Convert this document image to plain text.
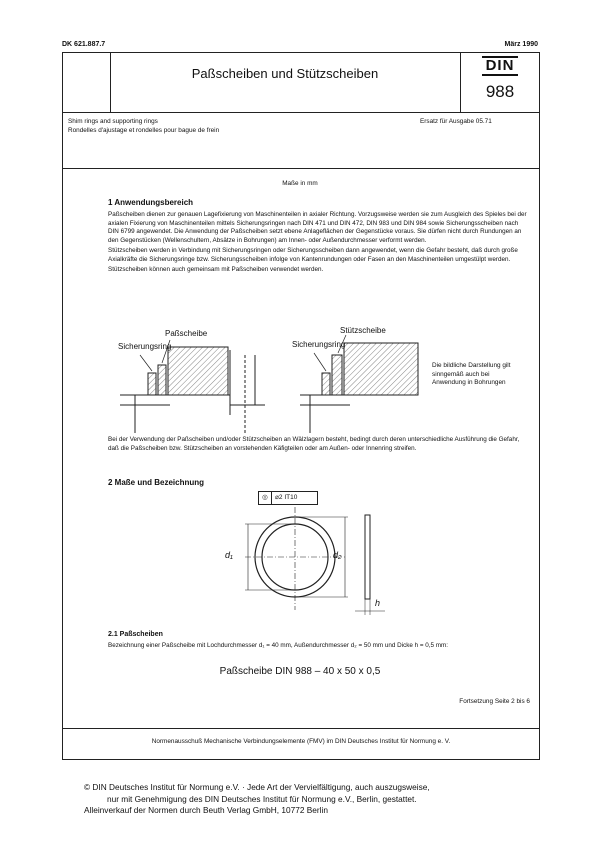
DK 621.887.7	März 1990
Paßscheiben und Stützscheiben	DIN
988
Shim rings and supporting rings
Rondelles d'ajustage et rondelles pour bague de frein
Ersatz für Ausgabe 05.71
Maße in mm
1 Anwendungsbereich

Paßscheiben dienen zur genauen Lagefixierung von Maschinenteilen in axialer Richtung. Vorzugsweise werden sie zum Ausgleich des Spieles bei der axialen Fixierung von Maschinenteilen mittels Sicherungsringen nach DIN 471 und DIN 472, DIN 983 und DIN 984 sowie Sicherungsscheiben nach DIN 6799 angewendet. Die Anwendung der Paßscheiben setzt ebene Anlageflächen der Gegenstücke voraus. Sie dürfen nicht durch Rundungen an den Gegenstücken (Wellenschultern, Absätze in Bohrungen) am Innen- oder Außendurchmesser verformt werden.

Stützscheiben werden in Verbindung mit Sicherungsringen oder Sicherungsscheiben dann angewendet, wenn die Gefahr besteht, daß durch große Axialkräfte die Sicherungsringe bzw. Sicherungsscheiben infolge von Kantenrundungen oder Fasen an den Maschinenteilen umgestülpt werden.

Stützscheiben können auch gemeinsam mit Paßscheiben verwendet werden.

Paßscheibe
Sicherungsring
Stützscheibe
Sicherungsring
Die bildliche Darstellung gilt sinngemäß auch bei Anwendung in Bohrungen
Bei der Verwendung der Paßscheiben und/oder Stützscheiben an Wälzlagern besteht, bedingt durch deren unterschiedliche Ausführung die Gefahr, daß die Paßscheiben bzw. Stützscheiben an vorstehenden Käfigteilen oder am Außen- oder Innenring streifen.
2 Maße und Bezeichnung
◎	⌀2 IT10
d₁	d₂
h
2.1 Paßscheiben
Bezeichnung einer Paßscheibe mit Lochdurchmesser d₁ = 40 mm, Außendurchmesser d₂ = 50 mm und Dicke h = 0,5 mm:
Paßscheibe DIN 988 – 40 x 50 x 0,5
Fortsetzung Seite 2 bis 6
Normenausschuß Mechanische Verbindungselemente (FMV) im DIN Deutsches Institut für Normung e. V.
© DIN Deutsches Institut für Normung e.V. · Jede Art der Vervielfältigung, auch auszugsweise,
nur mit Genehmigung des DIN Deutsches Institut für Normung e.V., Berlin, gestattet.
Alleinverkauf der Normen durch Beuth Verlag GmbH, 10772 Berlin
